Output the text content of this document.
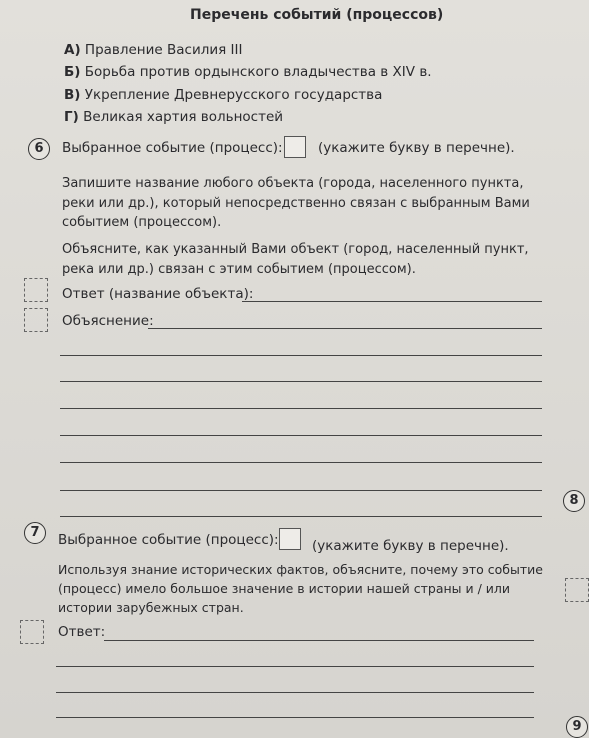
Перечень событий (процессов)
А) Правление Василия III
Б) Борьба против ордынского владычества в XIV в.
В) Укрепление Древнерусского государства
Г) Великая хартия вольностей
6	Выбранное событие (процесс):	(укажите букву в перечне).
Запишите название любого объекта (города, населенного пункта,
реки или др.), который непосредственно связан с выбранным Вами
событием (процессом).
Объясните, как указанный Вами объект (город, населенный пункт,
река или др.) связан с этим событием (процессом).
Ответ (название объекта):
Объяснение:
8
7	Выбранное событие (процесс): (укажите букву в перечне).
Используя знание исторических фактов, объясните, почему это событие
(процесс) имело большое значение в истории нашей страны и / или
истории зарубежных стран.
Ответ:
9
